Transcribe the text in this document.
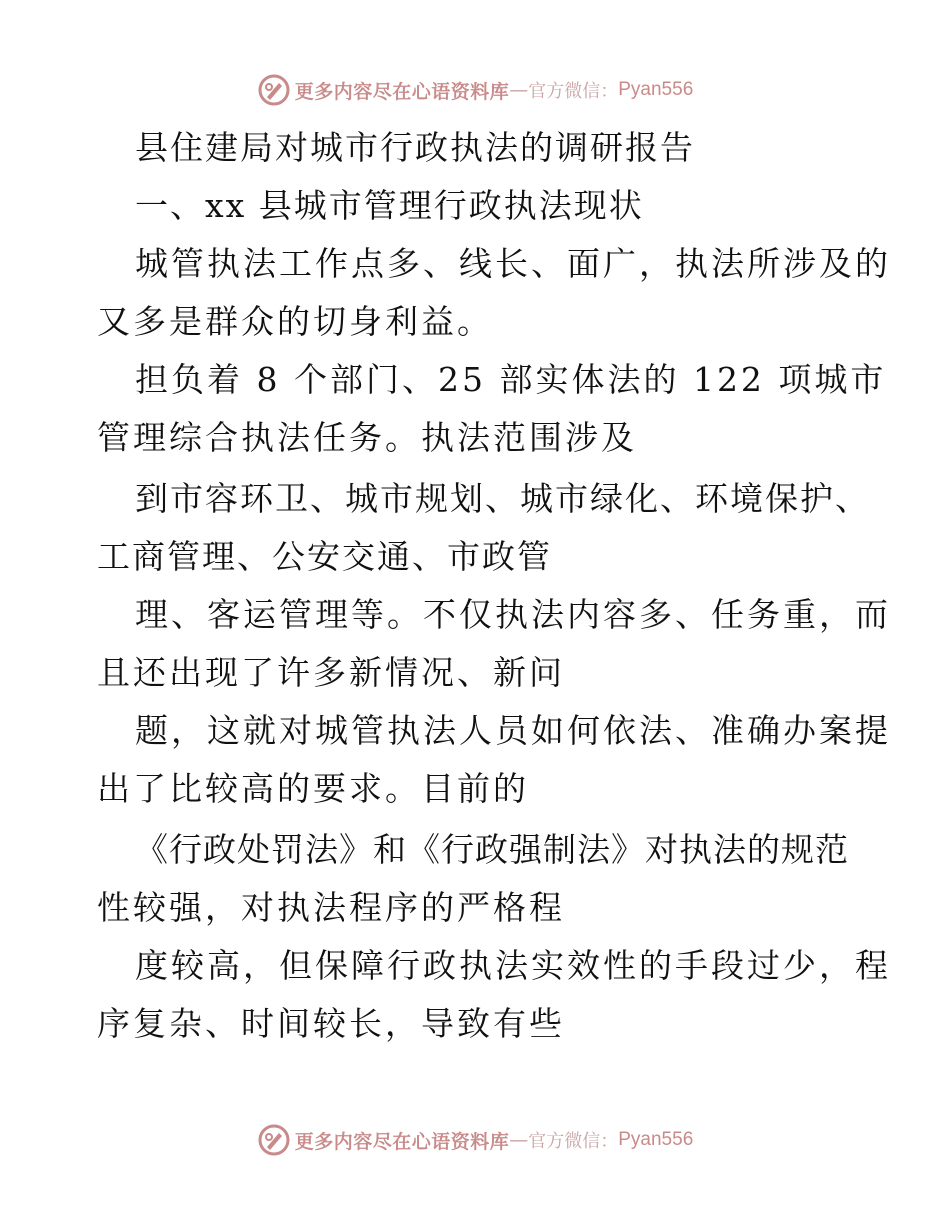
更多内容尽在心语资料库 — 官方微信： Pyan556
县住建局对城市行政执法的调研报告
一、xx 县城市管理行政执法现状
城管执法工作点多、线长、面广，执法所涉及的
又多是群众的切身利益。
担负着 8 个部门、25 部实体法的 122 项城市
管理综合执法任务。执法范围涉及
到市容环卫、城市规划、城市绿化、环境保护、
工商管理、公安交通、市政管
理、客运管理等。不仅执法内容多、任务重，而
且还出现了许多新情况、新问
题，这就对城管执法人员如何依法、准确办案提
出了比较高的要求。目前的
《行政处罚法》和《行政强制法》对执法的规范
性较强，对执法程序的严格程
度较高，但保障行政执法实效性的手段过少，程
序复杂、时间较长，导致有些
更多内容尽在心语资料库 — 官方微信： Pyan556
